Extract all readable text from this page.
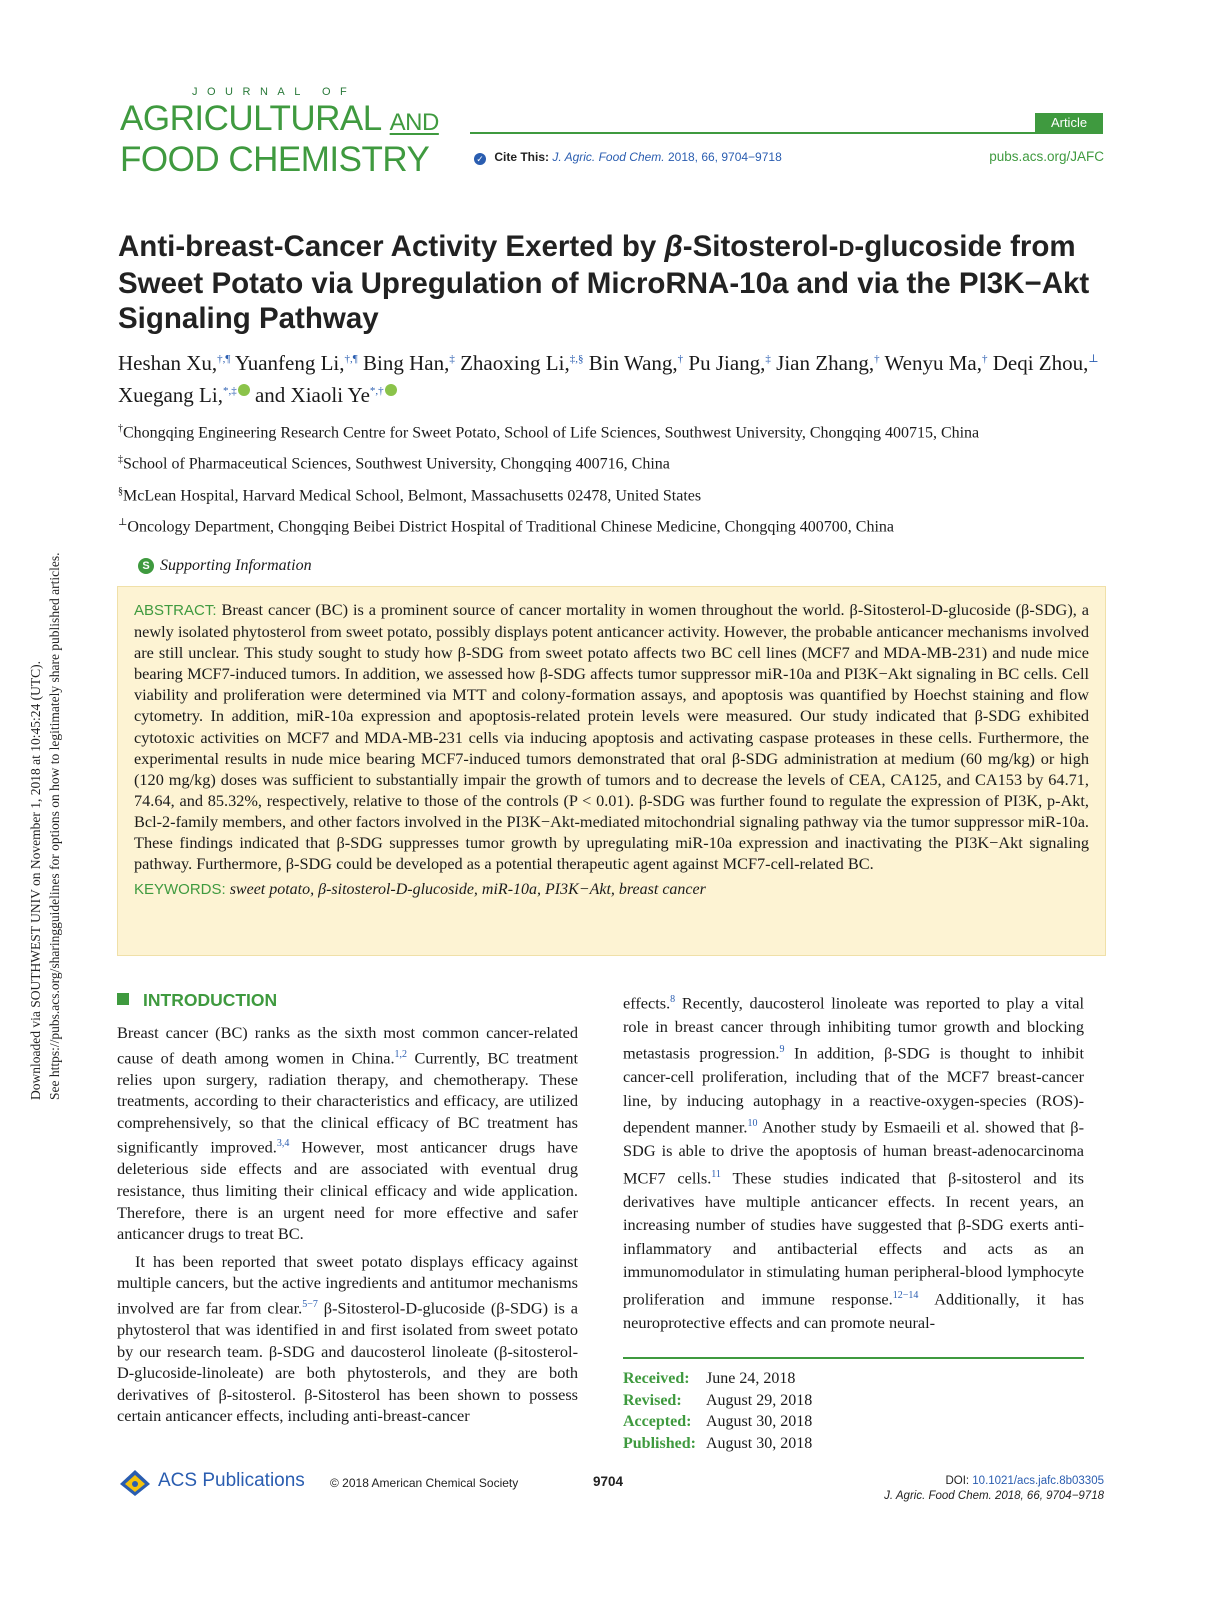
Downloaded via SOUTHWEST UNIV on November 1, 2018 at 10:45:24 (UTC). See https://pubs.acs.org/sharingguidelines for options on how to legitimately share published articles.
JOURNAL OF
AGRICULTURAL AND
FOOD CHEMISTRY
Article
✓ Cite This: J. Agric. Food Chem. 2018, 66, 9704−9718	pubs.acs.org/JAFC
Anti-breast-Cancer Activity Exerted by β-Sitosterol-D-glucoside from Sweet Potato via Upregulation of MicroRNA-10a and via the PI3K−Akt Signaling Pathway
Heshan Xu,†,¶ Yuanfeng Li,†,¶ Bing Han,‡ Zhaoxing Li,‡,§ Bin Wang,† Pu Jiang,‡ Jian Zhang,† Wenyu Ma,† Deqi Zhou,⊥ Xuegang Li,*,‡ and Xiaoli Ye*,†
†Chongqing Engineering Research Centre for Sweet Potato, School of Life Sciences, Southwest University, Chongqing 400715, China
‡School of Pharmaceutical Sciences, Southwest University, Chongqing 400716, China
§McLean Hospital, Harvard Medical School, Belmont, Massachusetts 02478, United States
⊥Oncology Department, Chongqing Beibei District Hospital of Traditional Chinese Medicine, Chongqing 400700, China
S Supporting Information

ABSTRACT: Breast cancer (BC) is a prominent source of cancer mortality in women throughout the world. β-Sitosterol-D-glucoside (β-SDG), a newly isolated phytosterol from sweet potato, possibly displays potent anticancer activity. However, the probable anticancer mechanisms involved are still unclear. This study sought to study how β-SDG from sweet potato affects two BC cell lines (MCF7 and MDA-MB-231) and nude mice bearing MCF7-induced tumors. In addition, we assessed how β-SDG affects tumor suppressor miR-10a and PI3K−Akt signaling in BC cells. Cell viability and proliferation were determined via MTT and colony-formation assays, and apoptosis was quantified by Hoechst staining and flow cytometry. In addition, miR-10a expression and apoptosis-related protein levels were measured. Our study indicated that β-SDG exhibited cytotoxic activities on MCF7 and MDA-MB-231 cells via inducing apoptosis and activating caspase proteases in these cells. Furthermore, the experimental results in nude mice bearing MCF7-induced tumors demonstrated that oral β-SDG administration at medium (60 mg/kg) or high (120 mg/kg) doses was sufficient to substantially impair the growth of tumors and to decrease the levels of CEA, CA125, and CA153 by 64.71, 74.64, and 85.32%, respectively, relative to those of the controls (P < 0.01). β-SDG was further found to regulate the expression of PI3K, p-Akt, Bcl-2-family members, and other factors involved in the PI3K−Akt-mediated mitochondrial signaling pathway via the tumor suppressor miR-10a. These findings indicated that β-SDG suppresses tumor growth by upregulating miR-10a expression and inactivating the PI3K−Akt signaling pathway. Furthermore, β-SDG could be developed as a potential therapeutic agent against MCF7-cell-related BC.

KEYWORDS: sweet potato, β-sitosterol-D-glucoside, miR-10a, PI3K−Akt, breast cancer

INTRODUCTION

Breast cancer (BC) ranks as the sixth most common cancer-related cause of death among women in China.$^{1,2}$ Currently, BC treatment relies upon surgery, radiation therapy, and chemotherapy. These treatments, according to their characteristics and efficacy, are utilized comprehensively, so that the clinical efficacy of BC treatment has significantly improved.$^{3,4}$ However, most anticancer drugs have deleterious side effects and are associated with eventual drug resistance, thus limiting their clinical efficacy and wide application. Therefore, there is an urgent need for more effective and safer anticancer drugs to treat BC.

It has been reported that sweet potato displays efficacy against multiple cancers, but the active ingredients and antitumor mechanisms involved are far from clear.$^{5-7}$ β-Sitosterol-D-glucoside (β-SDG) is a phytosterol that was identified in and first isolated from sweet potato by our research team. β-SDG and daucosterol linoleate (β-sitosterol-D-glucoside-linoleate) are both phytosterols, and they are both derivatives of β-sitosterol. β-Sitosterol has been shown to possess certain anticancer effects, including anti-breast-cancer

effects.$^8$ Recently, daucosterol linoleate was reported to play a vital role in breast cancer through inhibiting tumor growth and blocking metastasis progression.$^9$ In addition, β-SDG is thought to inhibit cancer-cell proliferation, including that of the MCF7 breast-cancer line, by inducing autophagy in a reactive-oxygen-species (ROS)-dependent manner.$^{10}$ Another study by Esmaeili et al. showed that β-SDG is able to drive the apoptosis of human breast-adenocarcinoma MCF7 cells.$^{11}$ These studies indicated that β-sitosterol and its derivatives have multiple anticancer effects. In recent years, an increasing number of studies have suggested that β-SDG exerts anti-inflammatory and antibacterial effects and acts as an immunomodulator in stimulating human peripheral-blood lymphocyte proliferation and immune response.$^{12-14}$ Additionally, it has neuroprotective effects and can promote neural-

Received:	June 24, 2018
Revised:	August 29, 2018
Accepted: August 30, 2018
Published: August 30, 2018
ACS Publications © 2018 American Chemical Society	9704	DOI: 10.1021/acs.jafc.8b03305
J. Agric. Food Chem. 2018, 66, 9704−9718
